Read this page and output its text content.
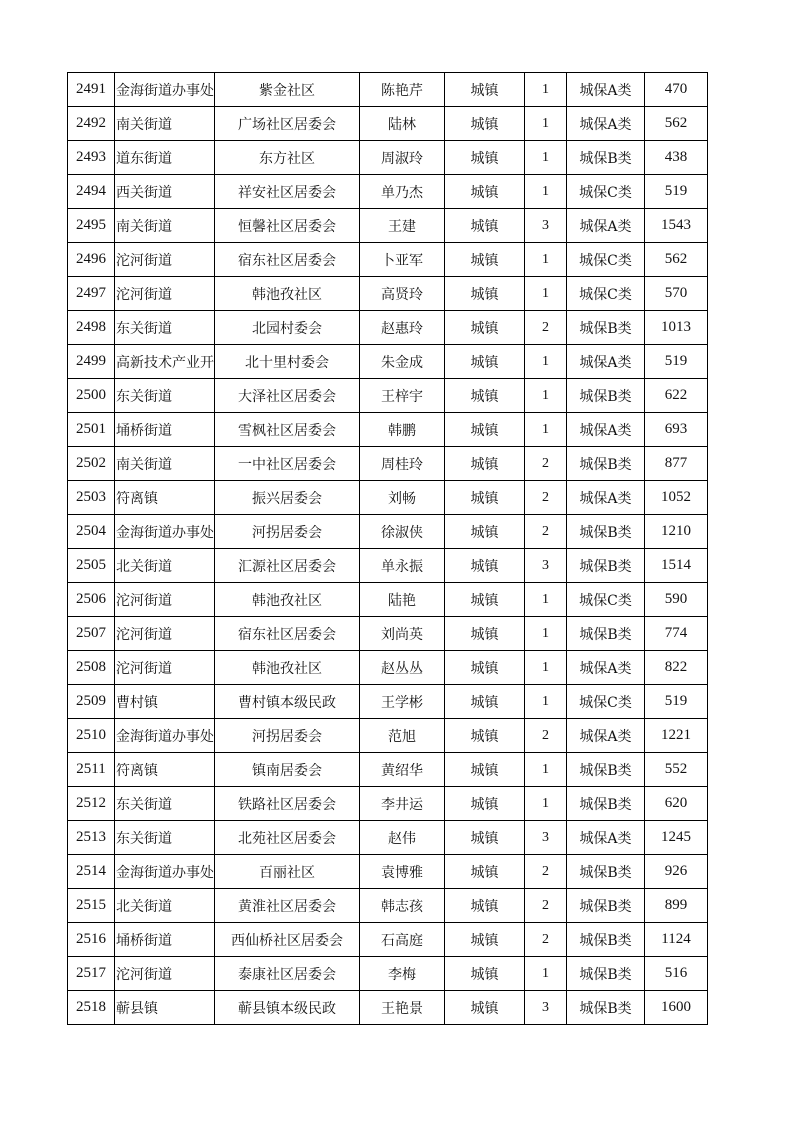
2491	金海街道办事处	紫金社区	陈艳芹	城镇	1	城保A类	470
2492	南关街道	广场社区居委会	陆林	城镇	1	城保A类	562
2493	道东街道	东方社区	周淑玲	城镇	1	城保B类	438
2494	西关街道	祥安社区居委会	单乃杰	城镇	1	城保C类	519
2495	南关街道	恒馨社区居委会	王建	城镇	3	城保A类	1543
2496	沱河街道	宿东社区居委会	卜亚军	城镇	1	城保C类	562
2497	沱河街道	韩池孜社区	高贤玲	城镇	1	城保C类	570
2498	东关街道	北园村委会	赵惠玲	城镇	2	城保B类	1013
2499	高新技术产业开	北十里村委会	朱金成	城镇	1	城保A类	519
2500	东关街道	大泽社区居委会	王梓宇	城镇	1	城保B类	622
2501	埇桥街道	雪枫社区居委会	韩鹏	城镇	1	城保A类	693
2502	南关街道	一中社区居委会	周桂玲	城镇	2	城保B类	877
2503	符离镇	振兴居委会	刘畅	城镇	2	城保A类	1052
2504	金海街道办事处	河拐居委会	徐淑侠	城镇	2	城保B类	1210
2505	北关街道	汇源社区居委会	单永振	城镇	3	城保B类	1514
2506	沱河街道	韩池孜社区	陆艳	城镇	1	城保C类	590
2507	沱河街道	宿东社区居委会	刘尚英	城镇	1	城保B类	774
2508	沱河街道	韩池孜社区	赵丛丛	城镇	1	城保A类	822
2509	曹村镇	曹村镇本级民政	王学彬	城镇	1	城保C类	519
2510	金海街道办事处	河拐居委会	范旭	城镇	2	城保A类	1221
2511	符离镇	镇南居委会	黄绍华	城镇	1	城保B类	552
2512	东关街道	铁路社区居委会	李井运	城镇	1	城保B类	620
2513	东关街道	北苑社区居委会	赵伟	城镇	3	城保A类	1245
2514	金海街道办事处	百丽社区	袁博雅	城镇	2	城保B类	926
2515	北关街道	黄淮社区居委会	韩志孩	城镇	2	城保B类	899
2516	埇桥街道	西仙桥社区居委会	石高庭	城镇	2	城保B类	1124
2517	沱河街道	泰康社区居委会	李梅	城镇	1	城保B类	516
2518	蕲县镇	蕲县镇本级民政	王艳景	城镇	3	城保B类	1600
